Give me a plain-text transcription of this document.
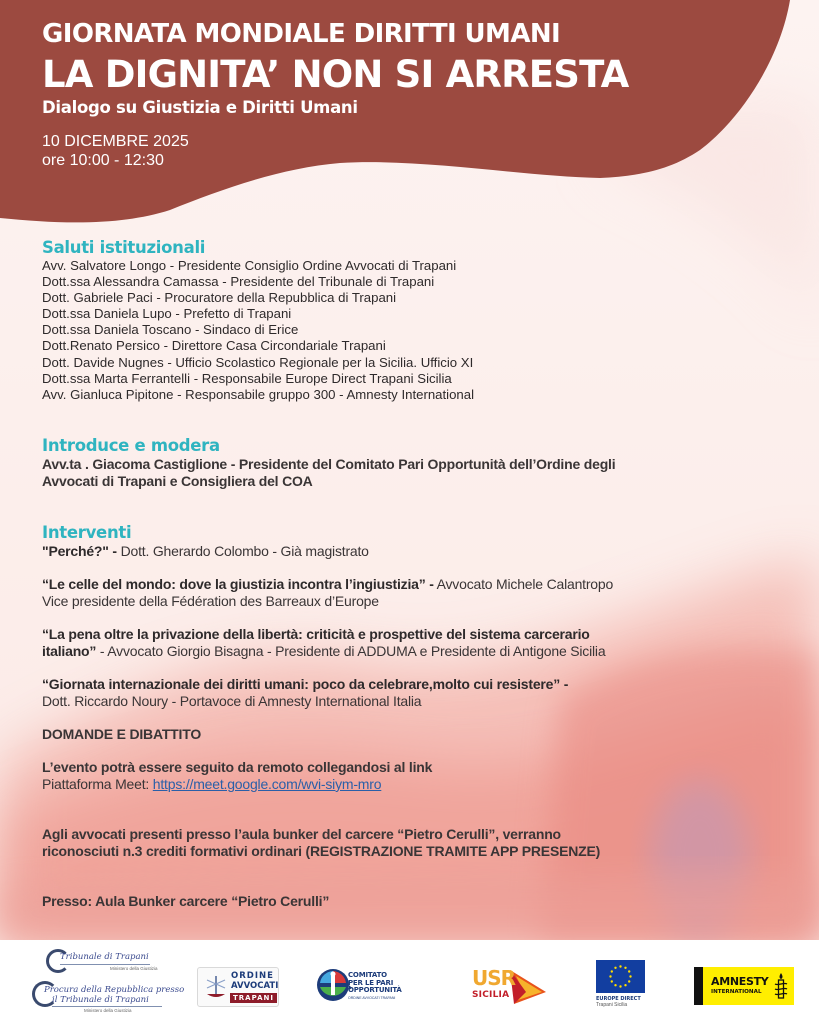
GIORNATA MONDIALE DIRITTI UMANI
LA DIGNITA’ NON SI ARRESTA
Dialogo su Giustizia e Diritti Umani
10 DICEMBRE 2025
ore 10:00 - 12:30
Saluti istituzionali
Avv. Salvatore Longo - Presidente Consiglio Ordine Avvocati di Trapani
Dott.ssa Alessandra Camassa - Presidente del Tribunale di Trapani
Dott. Gabriele Paci - Procuratore della Repubblica di Trapani
Dott.ssa Daniela Lupo - Prefetto di Trapani
Dott.ssa Daniela Toscano - Sindaco di Erice
Dott.Renato Persico - Direttore Casa Circondariale Trapani
Dott. Davide Nugnes - Ufficio Scolastico Regionale per la Sicilia. Ufficio XI
Dott.ssa Marta Ferrantelli - Responsabile Europe Direct Trapani Sicilia
Avv. Gianluca Pipitone - Responsabile gruppo 300 - Amnesty International
Introduce e modera
Avv.ta . Giacoma Castiglione - Presidente del Comitato Pari Opportunità dell’Ordine degli
Avvocati di Trapani e Consigliera del COA
Interventi
"Perché?" - Dott. Gherardo Colombo - Già magistrato
“Le celle del mondo: dove la giustizia incontra l’ingiustizia” - Avvocato Michele Calantropo
Vice presidente della Fédération des Barreaux d’Europe
“La pena oltre la privazione della libertà: criticità e prospettive del sistema carcerario
italiano” - Avvocato Giorgio Bisagna - Presidente di ADDUMA e Presidente di Antigone Sicilia
“Giornata internazionale dei diritti umani: poco da celebrare,molto cui resistere” -
Dott. Riccardo Noury - Portavoce di Amnesty International Italia
DOMANDE E DIBATTITO
L’evento potrà essere seguito da remoto collegandosi al link
Piattaforma Meet: https://meet.google.com/wvi-siym-mro
Agli avvocati presenti presso l’aula bunker del carcere “Pietro Cerulli”, verranno
riconosciuti n.3 crediti formativi ordinari (REGISTRAZIONE TRAMITE APP PRESENZE)
Presso: Aula Bunker carcere “Pietro Cerulli”
Tribunale di Trapani
Ministero della Giustizia
Procura della Repubblica presso
il Tribunale di Trapani
Ministero della Giustizia
ORDINE
AVVOCATI
TRAPANI
COMITATO
PER LE PARI
OPPORTUNITÀ
ORDINE AVVOCATI TRAPANI
USR
SICILIA	EUROPE DIRECT
Trapani Sicilia
AMNESTY
INTERNATIONAL
